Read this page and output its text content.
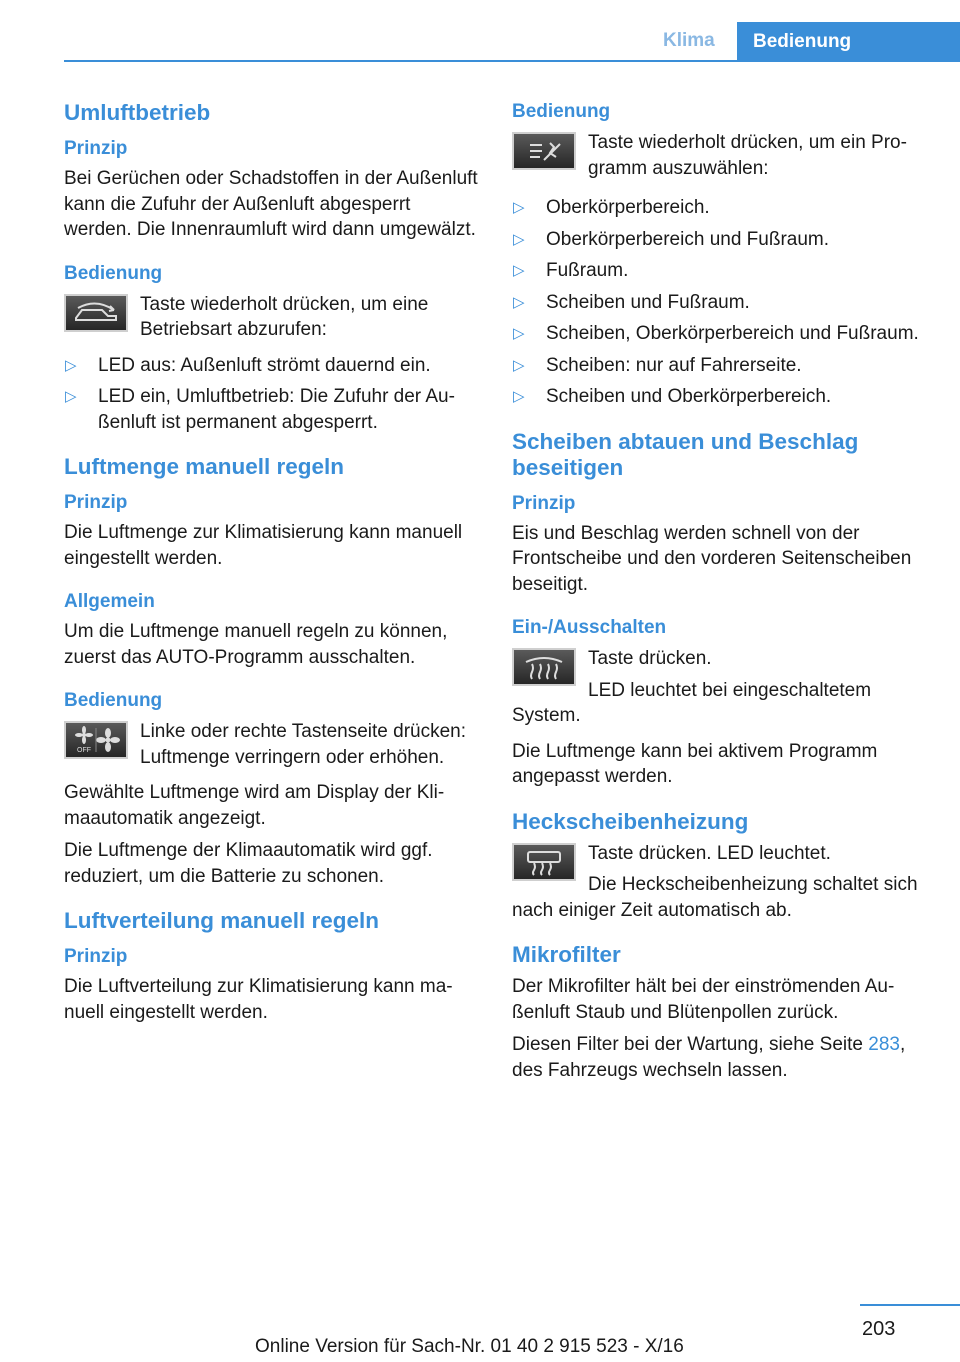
Klima	Bedienung
Umluftbetrieb
Prinzip

Bei Gerüchen oder Schadstoffen in der Außenluft kann die Zufuhr der Außenluft abgesperrt werden. Die Innenraumluft wird dann umgewälzt.

Bedienung
Taste wiederholt drücken, um eine Betriebsart abzurufen:
▷ LED aus: Außenluft strömt dauernd ein.
▷ LED ein, Umluftbetrieb: Die Zufuhr der Außenluft ist permanent abgesperrt.
Luftmenge manuell regeln
Prinzip

Die Luftmenge zur Klimatisierung kann manuell eingestellt werden.

Allgemein

Um die Luftmenge manuell regeln zu können, zuerst das AUTO-Programm ausschalten.

Bedienung
OFF
Linke oder rechte Tastenseite drücken: Luftmenge verringern oder erhöhen.

Gewählte Luftmenge wird am Display der Klimaautomatik angezeigt.

Die Luftmenge der Klimaautomatik wird ggf. reduziert, um die Batterie zu schonen.

Luftverteilung manuell regeln
Prinzip

Die Luftverteilung zur Klimatisierung kann manuell eingestellt werden.

Bedienung
Taste wiederholt drücken, um ein Programm auszuwählen:
▷ Oberkörperbereich.
▷ Oberkörperbereich und Fußraum.
▷ Fußraum.
▷ Scheiben und Fußraum.
▷ Scheiben, Oberkörperbereich und Fußraum.
▷ Scheiben: nur auf Fahrerseite.
▷ Scheiben und Oberkörperbereich.
Scheiben abtauen und Beschlag beseitigen
Prinzip

Eis und Beschlag werden schnell von der Frontscheibe und den vorderen Seitenscheiben beseitigt.

Ein-/Ausschalten
Taste drücken.
LED leuchtet bei eingeschaltetem System.

Die Luftmenge kann bei aktivem Programm angepasst werden.

Heckscheibenheizung
Taste drücken. LED leuchtet.
Die Heckscheibenheizung schaltet sich nach einiger Zeit automatisch ab.
Mikrofilter

Der Mikrofilter hält bei der einströmenden Außenluft Staub und Blütenpollen zurück.

Diesen Filter bei der Wartung, siehe Seite 283, des Fahrzeugs wechseln lassen.

203
Online Version für Sach-Nr. 01 40 2 915 523 - X/16
